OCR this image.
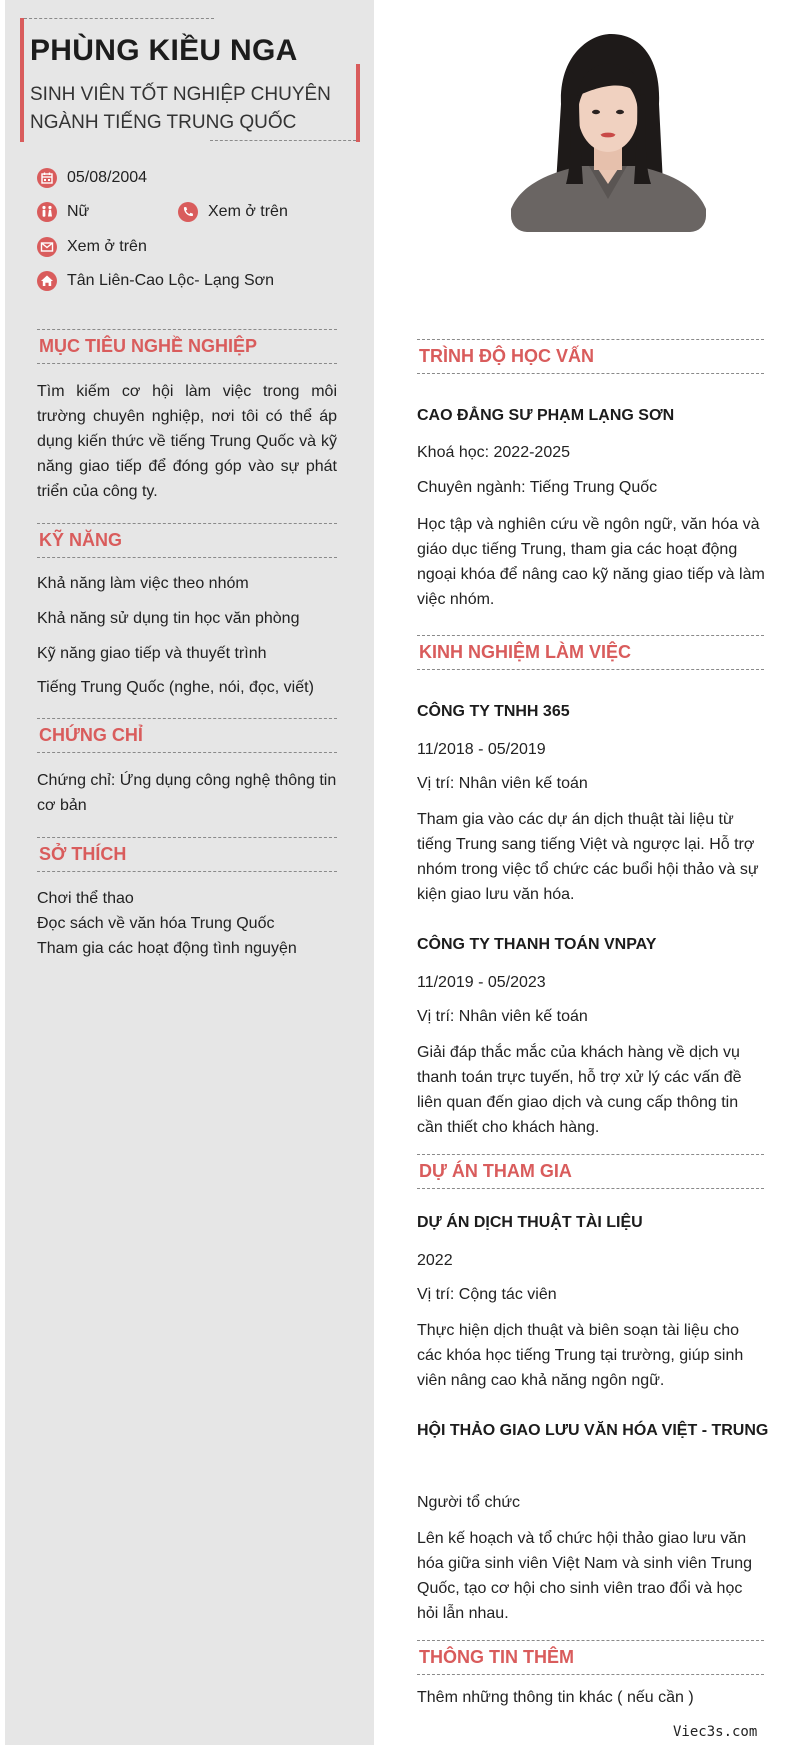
PHÙNG KIỀU NGA
SINH VIÊN TỐT NGHIỆP CHUYÊN NGÀNH TIẾNG TRUNG QUỐC
05/08/2004
Nữ	Xem ở trên
Xem ở trên
Tân Liên-Cao Lộc- Lạng Sơn
MỤC TIÊU NGHỀ NGHIỆP
Tìm kiếm cơ hội làm việc trong môi trường chuyên nghiệp, nơi tôi có thể áp dụng kiến thức về tiếng Trung Quốc và kỹ năng giao tiếp để đóng góp vào sự phát triển của công ty.
KỸ NĂNG
Khả năng làm việc theo nhóm
Khả năng sử dụng tin học văn phòng
Kỹ năng giao tiếp và thuyết trình
Tiếng Trung Quốc (nghe, nói, đọc, viết)
CHỨNG CHỈ
Chứng chỉ: Ứng dụng công nghệ thông tin cơ bản
SỞ THÍCH
Chơi thể thao
Đọc sách về văn hóa Trung Quốc
Tham gia các hoạt động tình nguyện
TRÌNH ĐỘ HỌC VẤN
CAO ĐẲNG SƯ PHẠM LẠNG SƠN
Khoá học: 2022-2025
Chuyên ngành: Tiếng Trung Quốc
Học tập và nghiên cứu về ngôn ngữ, văn hóa và giáo dục tiếng Trung, tham gia các hoạt động ngoại khóa để nâng cao kỹ năng giao tiếp và làm việc nhóm.
KINH NGHIỆM LÀM VIỆC
CÔNG TY TNHH 365
11/2018 - 05/2019
Vị trí: Nhân viên kế toán
Tham gia vào các dự án dịch thuật tài liệu từ tiếng Trung sang tiếng Việt và ngược lại. Hỗ trợ nhóm trong việc tổ chức các buổi hội thảo và sự kiện giao lưu văn hóa.
CÔNG TY THANH TOÁN VNPAY
11/2019 - 05/2023
Vị trí: Nhân viên kế toán
Giải đáp thắc mắc của khách hàng về dịch vụ thanh toán trực tuyến, hỗ trợ xử lý các vấn đề liên quan đến giao dịch và cung cấp thông tin cần thiết cho khách hàng.
DỰ ÁN THAM GIA
DỰ ÁN DỊCH THUẬT TÀI LIỆU
2022
Vị trí: Cộng tác viên
Thực hiện dịch thuật và biên soạn tài liệu cho các khóa học tiếng Trung tại trường, giúp sinh viên nâng cao khả năng ngôn ngữ.
HỘI THẢO GIAO LƯU VĂN HÓA VIỆT - TRUNG
Người tổ chức
Lên kế hoạch và tổ chức hội thảo giao lưu văn hóa giữa sinh viên Việt Nam và sinh viên Trung Quốc, tạo cơ hội cho sinh viên trao đổi và học hỏi lẫn nhau.
THÔNG TIN THÊM
Thêm những thông tin khác ( nếu cần )
Viec3s.com
